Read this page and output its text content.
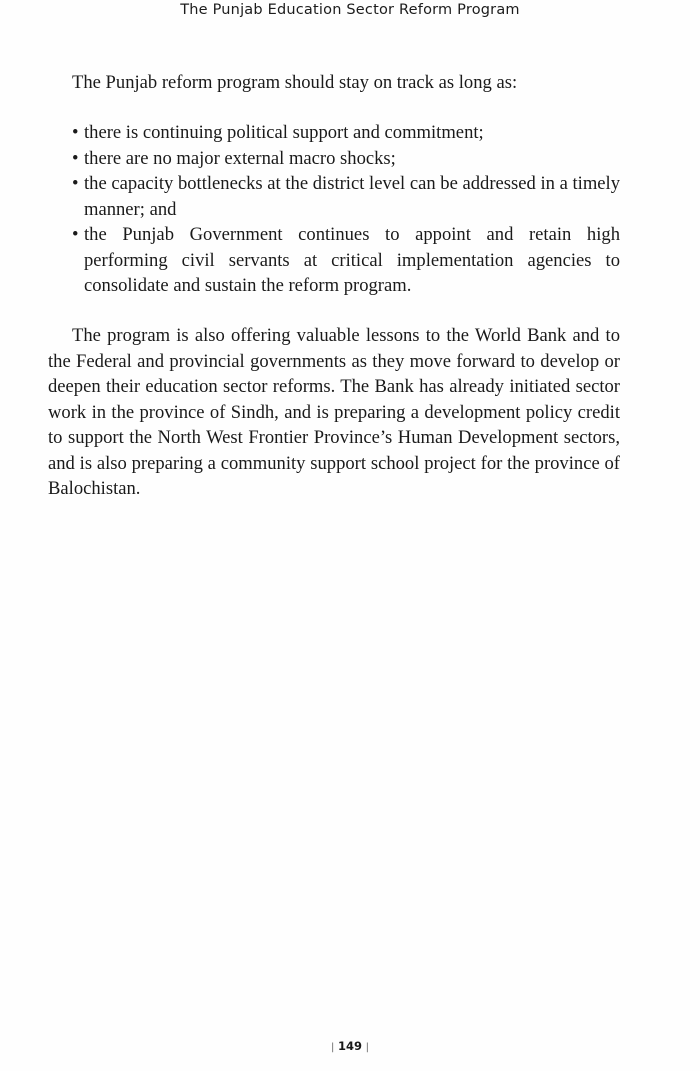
The Punjab Education Sector Reform Program

The Punjab reform program should stay on track as long as:

• there is continuing political support and commitment;
• there are no major external macro shocks;
• the capacity bottlenecks at the district level can be addressed in a timely manner; and
• the Punjab Government continues to appoint and retain high performing civil servants at critical implementation agencies to consolidate and sustain the reform program.

The program is also offering valuable lessons to the World Bank and to the Federal and provincial governments as they move forward to develop or deepen their education sector reforms. The Bank has already initiated sector work in the province of Sindh, and is preparing a development policy credit to support the North West Frontier Province’s Human Development sectors, and is also preparing a community support school project for the province of Balochistan.

| 149 |
